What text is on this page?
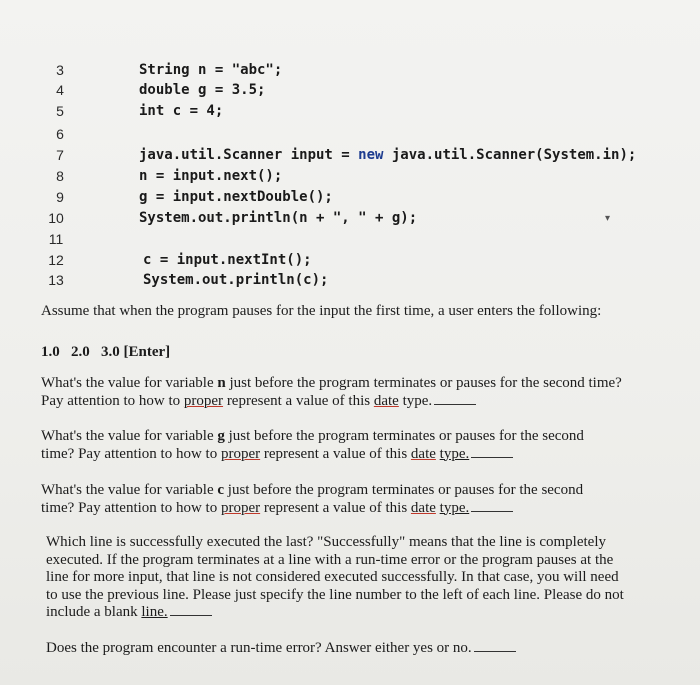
3	String n = "abc";
4	double g = 3.5;
5	int c = 4;
6
7	java.util.Scanner input = new java.util.Scanner(System.in);
8	n = input.next();
9	g = input.nextDouble();
10	System.out.println(n + ", " + g);
11
12	c = input.nextInt();
13	System.out.println(c);
▾
Assume that when the program pauses for the input the first time, a user enters the following:
1.0   2.0   3.0 [Enter]
What's the value for variable n just before the program terminates or pauses for the second time?
Pay attention to how to proper represent a value of this date type.
What's the value for variable g just before the program terminates or pauses for the second
time? Pay attention to how to proper represent a value of this date type.
What's the value for variable c just before the program terminates or pauses for the second
time? Pay attention to how to proper represent a value of this date type.
Which line is successfully executed the last? "Successfully" means that the line is completely
executed. If the program terminates at a line with a run-time error or the program pauses at the
line for more input, that line is not considered executed successfully. In that case, you will need
to use the previous line. Please just specify the line number to the left of each line. Please do not
include a blank line.
Does the program encounter a run-time error? Answer either yes or no.
